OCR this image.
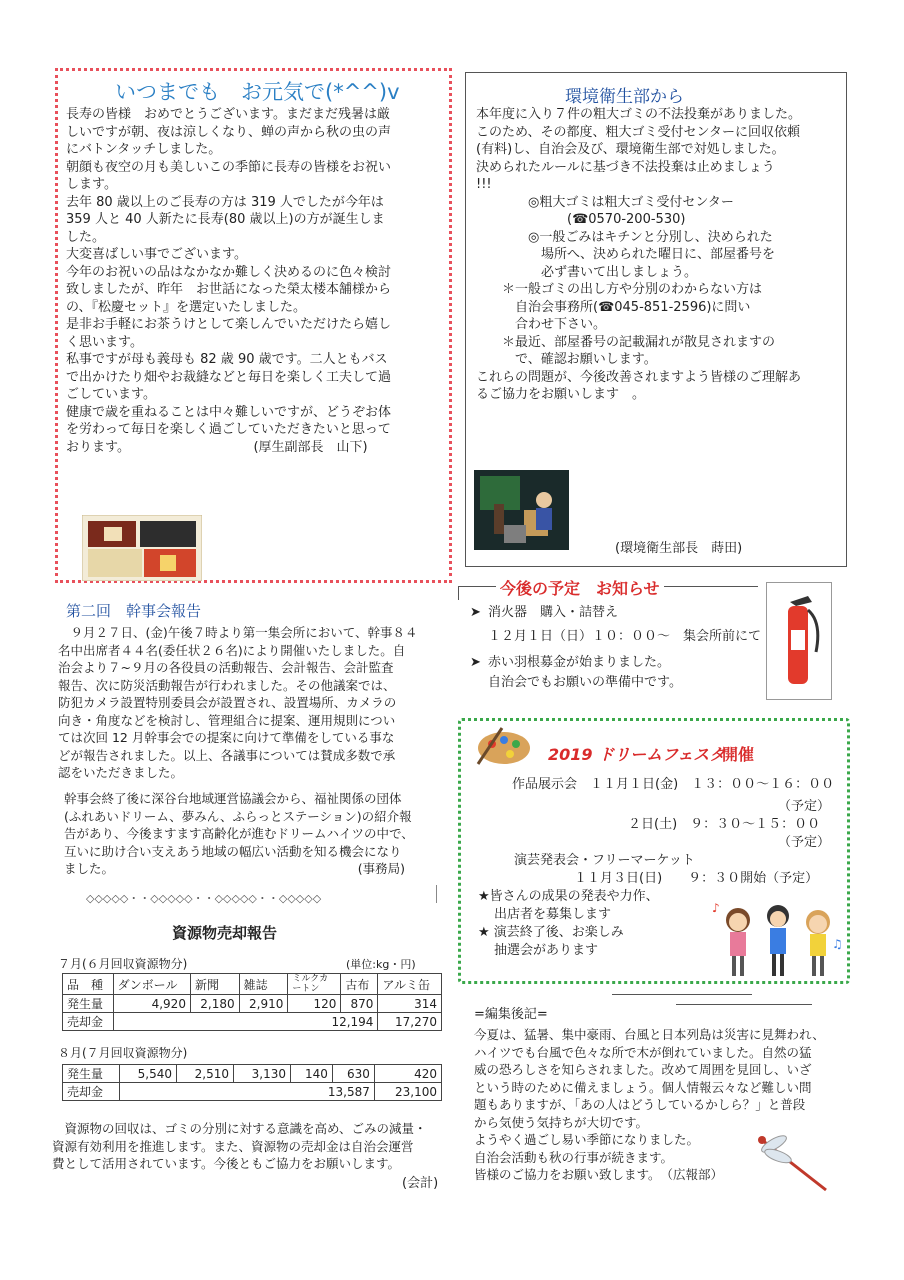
いつまでも　お元気で(*^^)v

長寿の皆様　おめでとうございます。まだまだ残暑は厳

しいですが朝、夜は涼しくなり、蝉の声から秋の虫の声

にバトンタッチしました。

朝顔も夜空の月も美しいこの季節に長寿の皆様をお祝い

します。

去年 80 歳以上のご長寿の方は 319 人でしたが今年は

359 人と 40 人新たに長寿(80 歳以上)の方が誕生しま

した。

大変喜ばしい事でございます。

今年のお祝いの品はなかなか難しく決めるのに色々検討

致しましたが、昨年　お世話になった榮太楼本舗様から

の、『松慶セット』を選定いたしました。

是非お手軽にお茶うけとして楽しんでいただけたら嬉し

く思います。

私事ですが母も義母も 82 歳 90 歳です。二人ともバス

で出かけたり畑やお裁縫などと毎日を楽しく工夫して過

ごしています。

健康で歳を重ねることは中々難しいですが、どうぞお体

を労わって毎日を楽しく過ごしていただきたいと思って

おります。　　　　　　　　　　(厚生副部長　山下)

環境衛生部から

本年度に入り７件の粗大ゴミの不法投棄がありました。

このため、その都度、粗大ゴミ受付センターに回収依頼

(有料)し、自治会及び、環境衛生部で対処しました。

決められたルールに基づき不法投棄は止めましょう

!!!

　　　　◎粗大ゴミは粗大ゴミ受付センター

　　　　　　　(☎0570-200-530)

　　　　◎一般ごみはキチンと分別し、決められた

　　　　　場所へ、決められた曜日に、部屋番号を

　　　　　必ず書いて出しましょう。

　　＊一般ゴミの出し方や分別のわからない方は

　　　自治会事務所(☎045-851-2596)に問い

　　　合わせ下さい。

　　＊最近、部屋番号の記載漏れが散見されますの

　　　で、確認お願いします。

これらの問題が、今後改善されますよう皆様のご理解あ

るご協力をお願いします　。

(環境衛生部長　蒔田)
第二回　幹事会報告

　９月２７日、(金)午後７時より第一集会所において、幹事８４

名中出席者４４名(委任状２６名)により開催いたしました。自

治会より７~９月の各役員の活動報告、会計報告、会計監査

報告、次に防災活動報告が行われました。その他議案では、

防犯カメラ設置特別委員会が設置され、設置場所、カメラの

向き・角度などを検討し、管理組合に提案、運用規則につい

ては次回 12 月幹事会での提案に向けて準備をしている事な

どが報告されました。以上、各議事については賛成多数で承

認をいただきました。

幹事会終了後に深谷台地域運営協議会から、福祉関係の団体

(ふれあいドリーム、夢みん、ふらっとステーション)の紹介報

告があり、今後ますます高齢化が進むドリームハイツの中で、

互いに助け合い支えあう地域の幅広い活動を知る機会になり

ました。　　　　　　　　　　　　　　　　　　　　(事務局)

◇◇◇◇◇・・◇◇◇◇◇・・◇◇◇◇◇・・◇◇◇◇◇
資源物売却報告
７月(６月回収資源物分)	(単位:kg・円)
品　種	ダンボール	新聞	雑誌	ミルクカートン	古布	アルミ缶
発生量	4,920	2,180	2,910	120	870	314
売却金	12,194					17,270
８月(７月回収資源物分)
発生量	5,540	2,510	3,130	140	630	420
売却金	13,587					23,100

　資源物の回収は、ゴミの分別に対する意識を高め、ごみの減量・

資源有効利用を推進します。また、資源物の売却金は自治会運営

費として活用されています。今後ともご協力をお願いします。

(会計)
今後の予定　お知らせ
➤ 消火器　購入・詰替え
１２月１日（日）１０：００～　集会所前にて
➤ 赤い羽根募金が始まりました。
自治会でもお願いの準備中です。
2019 ドリームフェスタ
開催
作品展示会　１１月１日(金)　１３：００～１６：００
（予定）
２日(土)　９：３０～１５：００
（予定）
演芸発表会・フリーマーケット
１１月３日(日)　　９：３０開始（予定）
★皆さんの成果の発表や力作、
出店者を募集します
★ 演芸終了後、お楽しみ
抽選会があります
♪
♫
=編集後記=

今夏は、猛暑、集中豪雨、台風と日本列島は災害に見舞われ、

ハイツでも台風で色々な所で木が倒れていました。自然の猛

威の恐ろしさを知らされました。改めて周囲を見回し、いざ

という時のために備えましょう。個人情報云々など難しい問

題もありますが、「あの人はどうしているかしら？」と普段

から気使う気持ちが大切です。

ようやく過ごし易い季節になりました。

自治会活動も秋の行事が続きます。

皆様のご協力をお願い致します。　（広報部）
